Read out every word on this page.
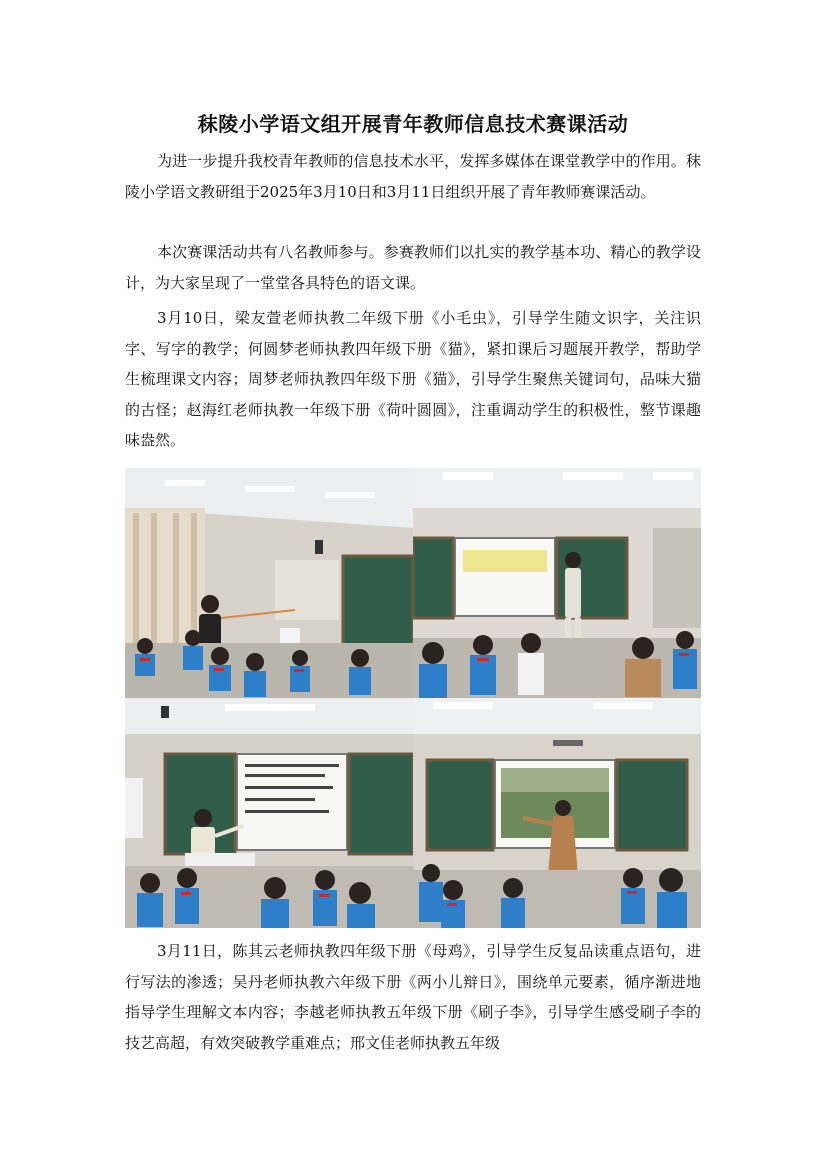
秣陵小学语文组开展青年教师信息技术赛课活动

为进一步提升我校青年教师的信息技术水平，发挥多媒体在课堂教学中的作用。秣陵小学语文教研组于2025年3月10日和3月11日组织开展了青年教师赛课活动。

本次赛课活动共有八名教师参与。参赛教师们以扎实的教学基本功、精心的教学设计，为大家呈现了一堂堂各具特色的语文课。

3月10日，梁友萱老师执教二年级下册《小毛虫》，引导学生随文识字，关注识字、写字的教学；何圆梦老师执教四年级下册《猫》，紧扣课后习题展开教学，帮助学生梳理课文内容；周梦老师执教四年级下册《猫》，引导学生聚焦关键词句，品味大猫的古怪；赵海红老师执教一年级下册《荷叶圆圆》，注重调动学生的积极性，整节课趣味盎然。

3月11日，陈其云老师执教四年级下册《母鸡》，引导学生反复品读重点语句，进行写法的渗透；吴丹老师执教六年级下册《两小儿辩日》，围绕单元要素，循序渐进地指导学生理解文本内容；李越老师执教五年级下册《刷子李》，引导学生感受刷子李的技艺高超，有效突破教学重难点；邢文佳老师执教五年级
